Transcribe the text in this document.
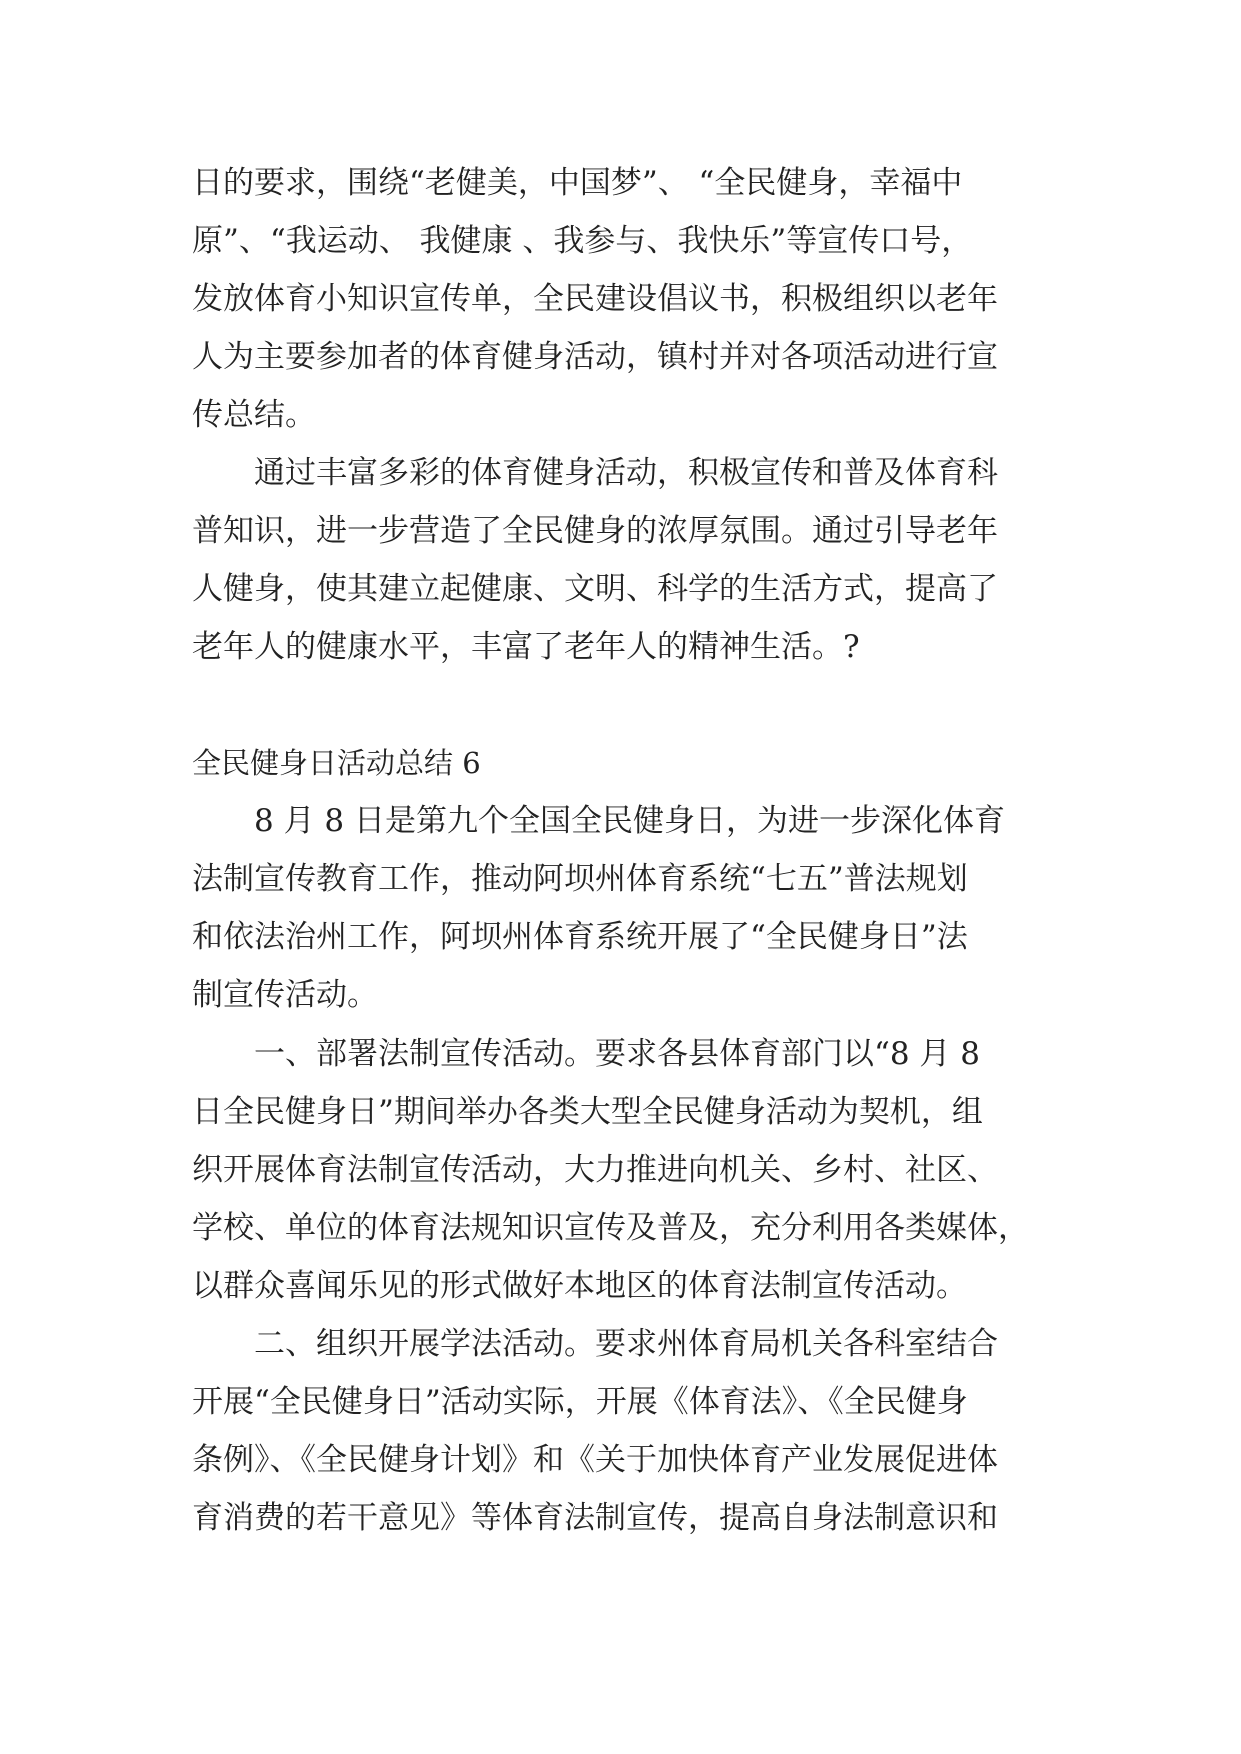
日的要求，围绕“老健美，中国梦”、 “全民健身，幸福中
原”、“我运动、 我健康 、我参与、我快乐”等宣传口号，
发放体育小知识宣传单，全民建设倡议书，积极组织以老年
人为主要参加者的体育健身活动，镇村并对各项活动进行宣
传总结。
　　通过丰富多彩的体育健身活动，积极宣传和普及体育科
普知识，进一步营造了全民健身的浓厚氛围。通过引导老年
人健身，使其建立起健康、文明、科学的生活方式，提高了
老年人的健康水平，丰富了老年人的精神生活。?
全民健身日活动总结 6
　　8 月 8 日是第九个全国全民健身日，为进一步深化体育
法制宣传教育工作，推动阿坝州体育系统“七五”普法规划
和依法治州工作，阿坝州体育系统开展了“全民健身日”法
制宣传活动。
　　一、部署法制宣传活动。要求各县体育部门以“8 月 8
日全民健身日”期间举办各类大型全民健身活动为契机，组
织开展体育法制宣传活动，大力推进向机关、乡村、社区、
学校、单位的体育法规知识宣传及普及，充分利用各类媒体，
以群众喜闻乐见的形式做好本地区的体育法制宣传活动。
　　二、组织开展学法活动。要求州体育局机关各科室结合
开展“全民健身日”活动实际，开展《体育法》、《全民健身
条例》、《全民健身计划》和《关于加快体育产业发展促进体
育消费的若干意见》等体育法制宣传，提高自身法制意识和
